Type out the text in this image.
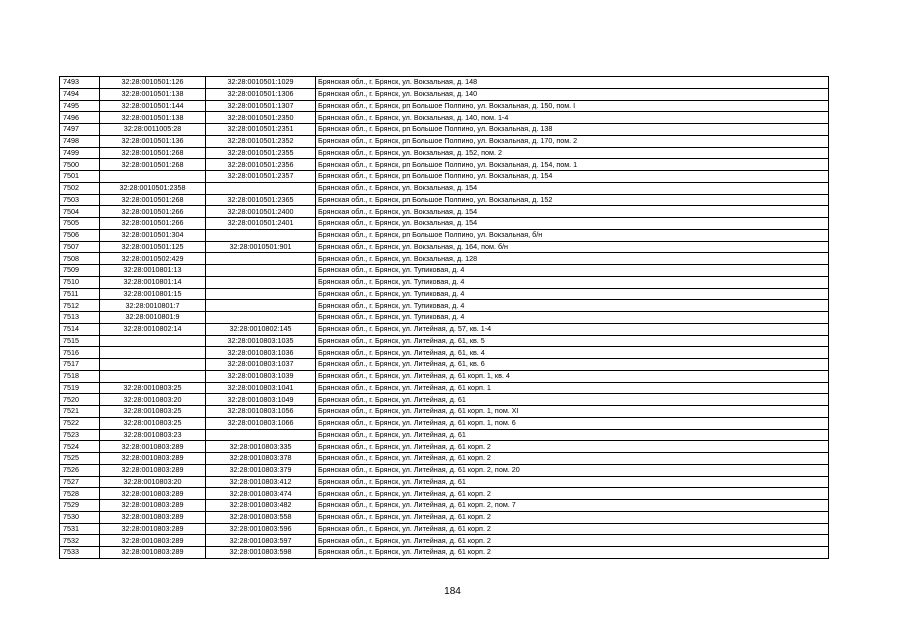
7493	32:28:0010501:126	32:28:0010501:1029	Брянская обл., г. Брянск, ул. Вокзальная, д. 148
7494	32:28:0010501:138	32:28:0010501:1306	Брянская обл., г. Брянск, ул. Вокзальная, д. 140
7495	32:28:0010501:144	32:28:0010501:1307	Брянская обл., г. Брянск, рп Большое Полпино, ул. Вокзальная, д. 150, пом. I
7496	32:28:0010501:138	32:28:0010501:2350	Брянская обл., г. Брянск, ул. Вокзальная, д. 140, пом. 1-4
7497	32:28:0011005:28	32:28:0010501:2351	Брянская обл., г. Брянск, рп Большое Полпино, ул. Вокзальная, д. 138
7498	32:28:0010501:136	32:28:0010501:2352	Брянская обл., г. Брянск, рп Большое Полпино, ул. Вокзальная, д. 170, пом. 2
7499	32:28:0010501:268	32:28:0010501:2355	Брянская обл., г. Брянск, ул. Вокзальная, д. 152, пом. 2
7500	32:28:0010501:268	32:28:0010501:2356	Брянская обл., г. Брянск, рп Большое Полпино, ул. Вокзальная, д. 154, пом. 1
7501		32:28:0010501:2357	Брянская обл., г. Брянск, рп Большое Полпино, ул. Вокзальная, д. 154
7502	32:28:0010501:2358		Брянская обл., г. Брянск, ул. Вокзальная, д. 154
7503	32:28:0010501:268	32:28:0010501:2365	Брянская обл., г. Брянск, рп Большое Полпино, ул. Вокзальная, д. 152
7504	32:28:0010501:266	32:28:0010501:2400	Брянская обл., г. Брянск, ул. Вокзальная, д. 154
7505	32:28:0010501:266	32:28:0010501:2401	Брянская обл., г. Брянск, ул. Вокзальная, д. 154
7506	32:28:0010501:304		Брянская обл., г. Брянск, рп Большое Полпино, ул. Вокзальная, б/н
7507	32:28:0010501:125	32:28:0010501:901	Брянская обл., г. Брянск, ул. Вокзальная, д. 164, пом. б/н
7508	32:28:0010502:429		Брянская обл., г. Брянск, ул. Вокзальная, д. 128
7509	32:28:0010801:13		Брянская обл., г. Брянск, ул. Тупиковая, д. 4
7510	32:28:0010801:14		Брянская обл., г. Брянск, ул. Тупиковая, д. 4
7511	32:28:0010801:15		Брянская обл., г. Брянск, ул. Тупиковая, д. 4
7512	32:28:0010801:7		Брянская обл., г. Брянск, ул. Тупиковая, д. 4
7513	32:28:0010801:9		Брянская обл., г. Брянск, ул. Тупиковая, д. 4
7514	32:28:0010802:14	32:28:0010802:145	Брянская обл., г. Брянск, ул. Литейная, д. 57, кв. 1-4
7515		32:28:0010803:1035	Брянская обл., г. Брянск, ул. Литейная, д. 61, кв. 5
7516		32:28:0010803:1036	Брянская обл., г. Брянск, ул. Литейная, д. 61, кв. 4
7517		32:28:0010803:1037	Брянская обл., г. Брянск, ул. Литейная, д. 61, кв. 6
7518		32:28:0010803:1039	Брянская обл., г. Брянск, ул. Литейная, д. 61 корп. 1, кв. 4
7519	32:28:0010803:25	32:28:0010803:1041	Брянская обл., г. Брянск, ул. Литейная, д. 61 корп. 1
7520	32:28:0010803:20	32:28:0010803:1049	Брянская обл., г. Брянск, ул. Литейная, д. 61
7521	32:28:0010803:25	32:28:0010803:1056	Брянская обл., г. Брянск, ул. Литейная, д. 61 корп. 1, пом. XI
7522	32:28:0010803:25	32:28:0010803:1066	Брянская обл., г. Брянск, ул. Литейная, д. 61 корп. 1, пом. 6
7523	32:28:0010803:23		Брянская обл., г. Брянск, ул. Литейная, д. 61
7524	32:28:0010803:289	32:28:0010803:335	Брянская обл., г. Брянск, ул. Литейная, д. 61 корп. 2
7525	32:28:0010803:289	32:28:0010803:378	Брянская обл., г. Брянск, ул. Литейная, д. 61 корп. 2
7526	32:28:0010803:289	32:28:0010803:379	Брянская обл., г. Брянск, ул. Литейная, д. 61 корп. 2, пом. 20
7527	32:28:0010803:20	32:28:0010803:412	Брянская обл., г. Брянск, ул. Литейная, д. 61
7528	32:28:0010803:289	32:28:0010803:474	Брянская обл., г. Брянск, ул. Литейная, д. 61 корп. 2
7529	32:28:0010803:289	32:28:0010803:482	Брянская обл., г. Брянск, ул. Литейная, д. 61 корп. 2, пом. 7
7530	32:28:0010803:289	32:28:0010803:558	Брянская обл., г. Брянск, ул. Литейная, д. 61 корп. 2
7531	32:28:0010803:289	32:28:0010803:596	Брянская обл., г. Брянск, ул. Литейная, д. 61 корп. 2
7532	32:28:0010803:289	32:28:0010803:597	Брянская обл., г. Брянск, ул. Литейная, д. 61 корп. 2
7533	32:28:0010803:289	32:28:0010803:598	Брянская обл., г. Брянск, ул. Литейная, д. 61 корп. 2
184
